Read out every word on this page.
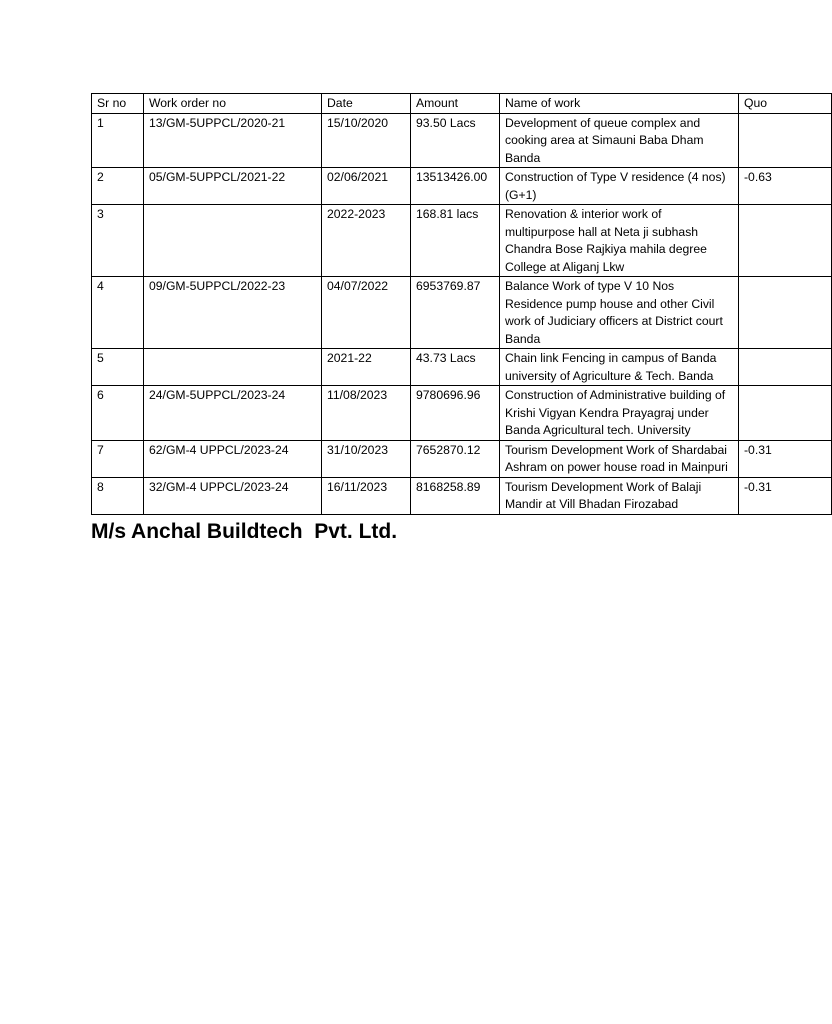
Sr no	Work order no	Date	Amount	Name of work	Quo
1	13/GM-5UPPCL/2020-21	15/10/2020	93.50 Lacs	Development of queue complex and cooking area at Simauni Baba Dham Banda	
2	05/GM-5UPPCL/2021-22	02/06/2021	13513426.00	Construction of Type V residence (4 nos) (G+1)	-0.63
3		2022-2023	168.81 lacs	Renovation & interior work of multipurpose hall at Neta ji subhash Chandra Bose Rajkiya mahila degree College at Aliganj Lkw	
4	09/GM-5UPPCL/2022-23	04/07/2022	6953769.87	Balance Work of type V 10 Nos Residence pump house and other Civil work of Judiciary officers at District court Banda	
5		2021-22	43.73 Lacs	Chain link Fencing in campus of Banda university of Agriculture & Tech. Banda	
6	24/GM-5UPPCL/2023-24	11/08/2023	9780696.96	Construction of Administrative building of Krishi Vigyan Kendra Prayagraj under Banda Agricultural tech. University	
7	62/GM-4 UPPCL/2023-24	31/10/2023	7652870.12	Tourism Development Work of Shardabai Ashram on power house road in Mainpuri	-0.31
8	32/GM-4 UPPCL/2023-24	16/11/2023	8168258.89	Tourism Development Work of Balaji Mandir at Vill Bhadan Firozabad	-0.31

M/s Anchal Buildtech  Pvt. Ltd.
